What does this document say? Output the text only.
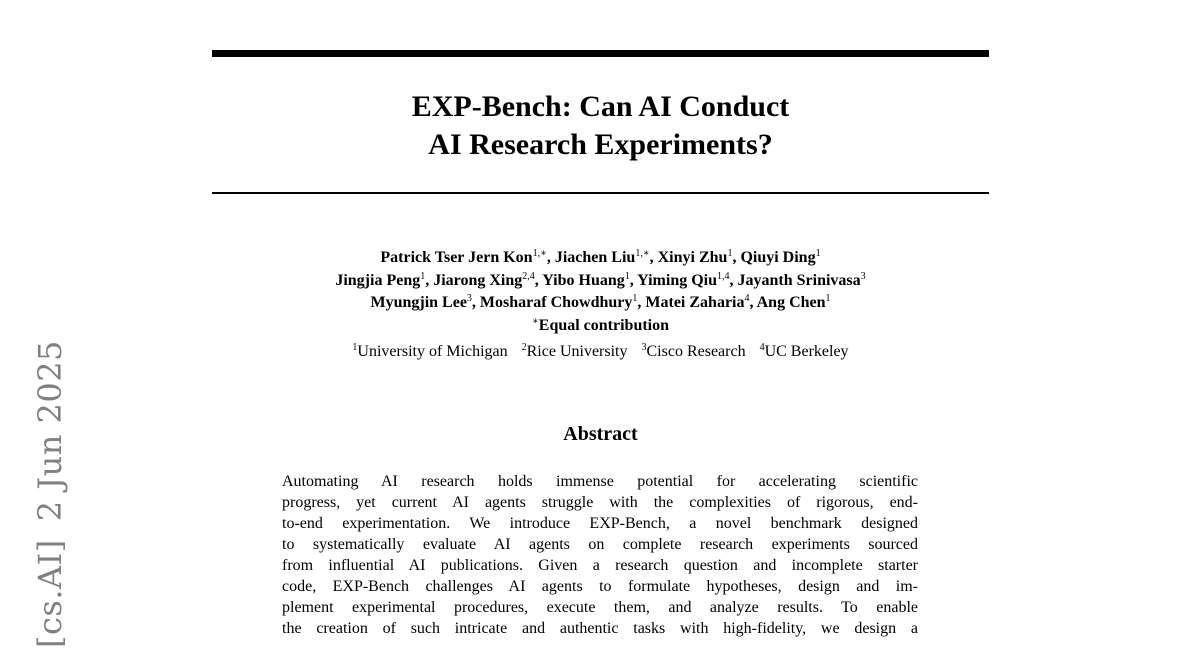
EXP-Bench: Can AI Conduct
AI Research Experiments?
Patrick Tser Jern Kon$^{1,∗}$, Jiachen Liu$^{1,∗}$, Xinyi Zhu$^1$, Qiuyi Ding$^1$
Jingjia Peng$^1$, Jiarong Xing$^{2,4}$, Yibo Huang$^1$, Yiming Qiu$^{1,4}$, Jayanth Srinivasa$^3$
Myungjin Lee$^3$, Mosharaf Chowdhury$^1$, Matei Zaharia$^4$, Ang Chen$^1$
∗Equal contribution
$^1$University of Michigan $^2$Rice University $^3$Cisco Research $^4$UC Berkeley
Abstract
Automating AI research holds immense potential for accelerating scientific
progress, yet current AI agents struggle with the complexities of rigorous, end-
to-end experimentation. We introduce EXP-Bench, a novel benchmark designed
to systematically evaluate AI agents on complete research experiments sourced
from influential AI publications. Given a research question and incomplete starter
code, EXP-Bench challenges AI agents to formulate hypotheses, design and im-
plement experimental procedures, execute them, and analyze results. To enable
the creation of such intricate and authentic tasks with high-fidelity, we design a
[cs.AI]2 Jun 2025
